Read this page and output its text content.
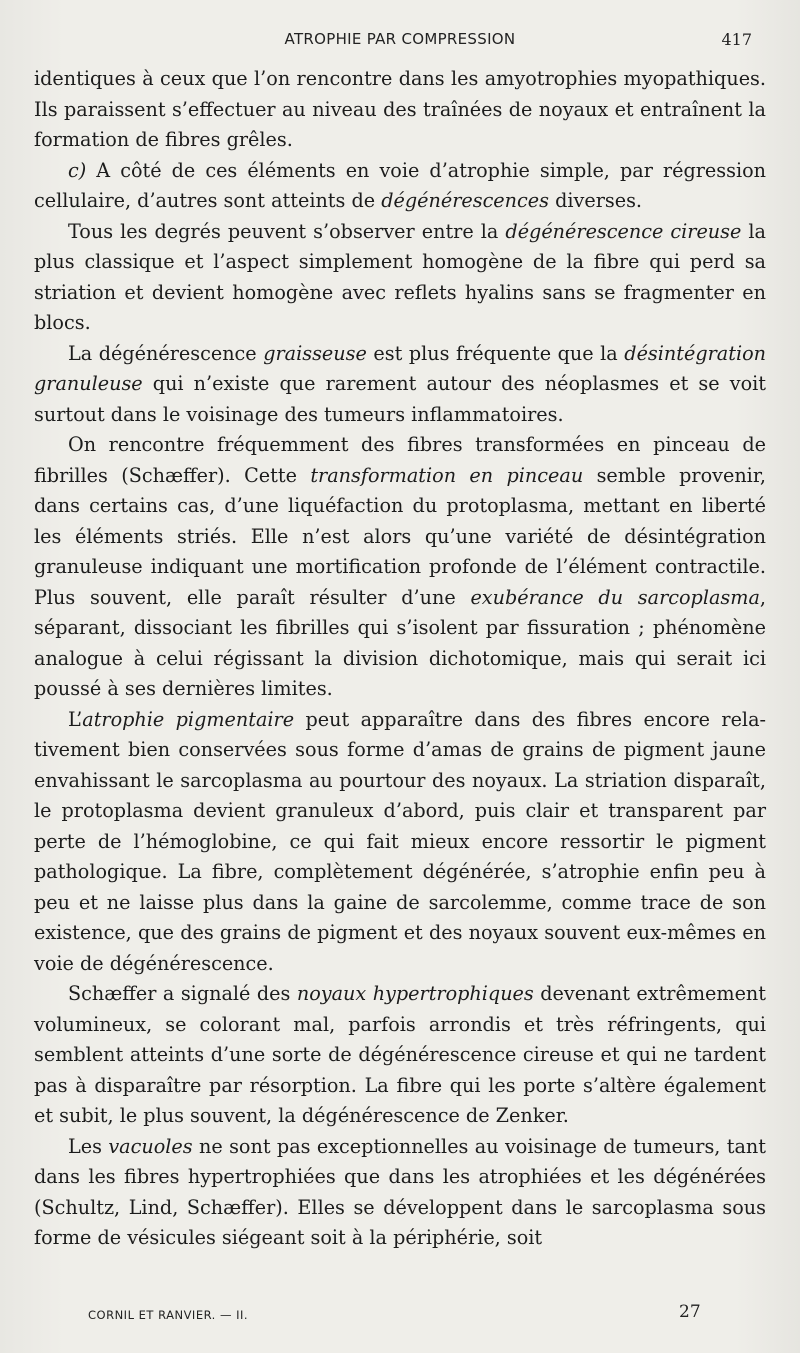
ATROPHIE PAR COMPRESSION	417

identiques à ceux que l’on rencontre dans les amyotrophies myopathiques. Ils paraissent s’effectuer au niveau des traînées de noyaux et entraînent la formation de fibres grêles.

c) A côté de ces éléments en voie d’atrophie simple, par régression cellulaire, d’autres sont atteints de dégénérescences diverses.

Tous les degrés peuvent s’observer entre la dégénérescence cireuse la plus classique et l’aspect simplement homogène de la fibre qui perd sa striation et devient homogène avec reflets hyalins sans se fragmenter en blocs.

La dégénérescence graisseuse est plus fréquente que la désintégration granuleuse qui n’existe que rarement autour des néoplasmes et se voit surtout dans le voisinage des tumeurs inflammatoires.

On rencontre fréquemment des fibres transformées en pinceau de fibrilles (Schæffer). Cette transformation en pinceau semble provenir, dans certains cas, d’une liquéfaction du protoplasma, mettant en liberté les éléments striés. Elle n’est alors qu’une variété de désintégration granuleuse indiquant une mortification profonde de l’élément contractile. Plus souvent, elle paraît résulter d’une exubérance du sarcoplasma, séparant, dissociant les fibrilles qui s’isolent par fissuration ; phénomène analogue à celui régissant la division dichotomique, mais qui serait ici poussé à ses dernières limites.

L’atrophie pigmentaire peut apparaître dans des fibres encore relativement bien conservées sous forme d’amas de grains de pigment jaune envahissant le sarcoplasma au pourtour des noyaux. La striation disparaît, le protoplasma devient granuleux d’abord, puis clair et transparent par perte de l’hémoglobine, ce qui fait mieux encore ressortir le pigment pathologique. La fibre, complètement dégénérée, s’atrophie enfin peu à peu et ne laisse plus dans la gaine de sarcolemme, comme trace de son existence, que des grains de pigment et des noyaux souvent eux-mêmes en voie de dégénérescence.

Schæffer a signalé des noyaux hypertrophiques devenant extrêmement volumineux, se colorant mal, parfois arrondis et très réfringents, qui semblent atteints d’une sorte de dégénérescence cireuse et qui ne tardent pas à disparaître par résorption. La fibre qui les porte s’altère également et subit, le plus souvent, la dégénérescence de Zenker.

Les vacuoles ne sont pas exceptionnelles au voisinage de tumeurs, tant dans les fibres hypertrophiées que dans les atrophiées et les dégénérées (Schultz, Lind, Schæffer). Elles se développent dans le sarcoplasma sous forme de vésicules siégeant soit à la périphérie, soit

CORNIL ET RANVIER. — II.	27
